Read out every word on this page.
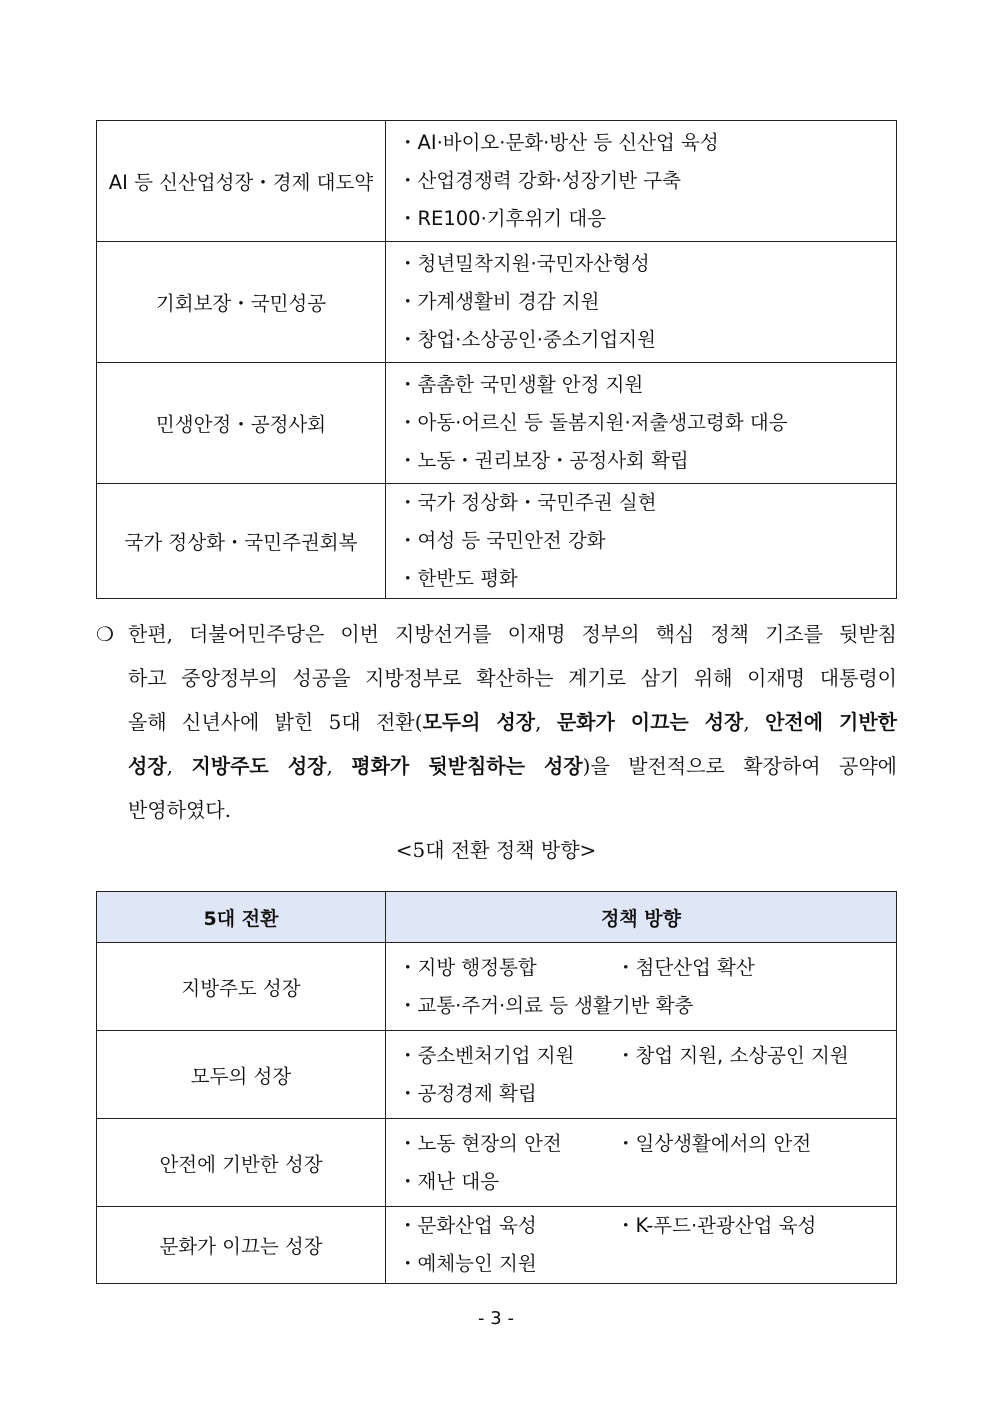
AI 등 신산업성장・경제 대도약	・AI·바이오·문화·방산 등 신산업 육성
・산업경쟁력 강화·성장기반 구축
・RE100·기후위기 대응

기회보장・국민성공	・청년밀착지원·국민자산형성
・가계생활비 경감 지원
・창업·소상공인·중소기업지원

민생안정・공정사회	・촘촘한 국민생활 안정 지원
・아동·어르신 등 돌봄지원·저출생고령화 대응
・노동・권리보장・공정사회 확립

국가 정상화・국민주권회복	・국가 정상화・국민주권 실현
・여성 등 국민안전 강화
・한반도 평화
❍ 한편, 더불어민주당은 이번 지방선거를 이재명 정부의 핵심 정책 기조를 뒷받침
하고 중앙정부의 성공을 지방정부로 확산하는 계기로 삼기 위해 이재명 대통령이
올해 신년사에 밝힌 5대 전환(모두의 성장, 문화가 이끄는 성장, 안전에 기반한
성장, 지방주도 성장, 평화가 뒷받침하는 성장)을 발전적으로 확장하여 공약에
반영하였다.
<5대 전환 정책 방향>
5대 전환	정책 방향
지방주도 성장	・지방 행정통합 ・첨단산업 확산
・교통·주거·의료 등 생활기반 확충

모두의 성장	・중소벤처기업 지원 ・창업 지원, 소상공인 지원
・공정경제 확립

안전에 기반한 성장	・노동 현장의 안전 ・일상생활에서의 안전
・재난 대응

문화가 이끄는 성장	・문화산업 육성 ・K-푸드·관광산업 육성
・예체능인 지원
- 3 -
